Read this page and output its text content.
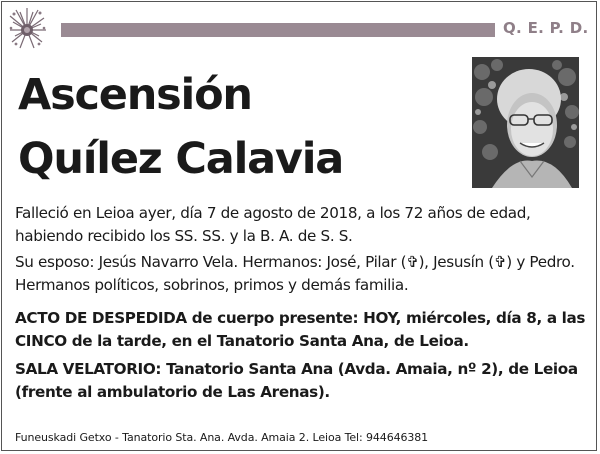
Q. E. P. D.
Ascensión
Quílez Calavia
Falleció en Leioa ayer, día 7 de agosto de 2018, a los 72 años de edad, habiendo recibido los SS. SS. y la B. A. de S. S.
Su esposo: Jesús Navarro Vela. Hermanos: José, Pilar (✞), Jesusín (✞) y Pedro. Hermanos políticos, sobrinos, primos y demás familia.
ACTO DE DESPEDIDA de cuerpo presente: HOY, miércoles, día 8, a las CINCO de la tarde, en el Tanatorio Santa Ana, de Leioa.
SALA VELATORIO: Tanatorio Santa Ana (Avda. Amaia, nº 2), de Leioa (frente al ambulatorio de Las Arenas).
Funeuskadi Getxo - Tanatorio Sta. Ana. Avda. Amaia 2. Leioa Tel: 944646381
